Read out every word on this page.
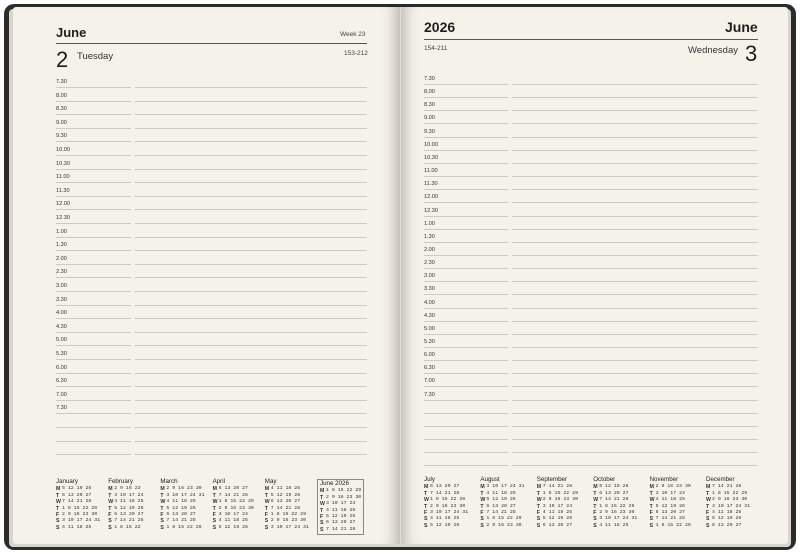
June	Week 23
2 Tuesday	153-212
7.30
8.00
8.30
9.00
9.30
10.00
10.30
11.00
11.30
12.00
12.30
1.00
1.30
2.00
2.30
3.00
3.30
4.00
4.30
5.00
5.30
6.00
6.30
7.00
7.30
January
M 5 12 19 26
T 6 13 20 27
W 7 14 21 28
T 1 8 15 22 29
F 2 9 16 23 30
S 3 10 17 24 31
S 4 11 18 25
February
M 2 9 16 23
T 3 10 17 24
W 4 11 18 25
T 5 12 19 26
F 6 13 20 27
S 7 14 21 28
S 1 8 15 22
March
M 2 9 16 23 30
T 3 10 17 24 31
W 4 11 18 25
T 5 12 19 26
F 6 13 20 27
S 7 14 21 28
S 1 8 15 22 29
April
M 6 13 20 27
T 7 14 21 28
W 1 8 15 22 29
T 2 9 16 23 30
F 3 10 17 24
S 4 11 18 25
S 5 12 19 26
May
M 4 11 18 25
T 5 12 19 26
W 6 13 20 27
T 7 14 21 28
F 1 8 15 22 29
S 2 9 16 23 30
S 3 10 17 24 31
June 2026
M 1 8 15 22 29
T 2 9 16 23 30
W 3 10 17 24
T 4 11 18 25
F 5 12 19 26
S 6 13 20 27
S 7 14 21 28
2026	June
154-211	Wednesday 3
7.30
8.00
8.30
9.00
9.30
10.00
10.30
11.00
11.30
12.00
12.30
1.00
1.30
2.00
2.30
3.00
3.30
4.00
4.30
5.00
5.30
6.00
6.30
7.00
7.30
July
M 6 13 20 27
T 7 14 21 28
W 1 8 15 22 29
T 2 9 16 23 30
F 3 10 17 24 31
S 4 11 18 25
S 5 12 19 26
August
M 3 10 17 24 31
T 4 11 18 25
W 5 12 19 26
T 6 13 20 27
F 7 14 21 28
S 1 8 15 22 29
S 2 9 16 23 30
September
M 7 14 21 28
T 1 8 15 22 29
W 2 9 16 23 30
T 3 10 17 24
F 4 11 18 25
S 5 12 19 26
S 6 13 20 27
October
M 5 12 19 26
T 6 13 20 27
W 7 14 21 28
T 1 8 15 22 29
F 2 9 16 23 30
S 3 10 17 24 31
S 4 11 18 25
November
M 2 9 16 23 30
T 3 10 17 24
W 4 11 18 25
T 5 12 19 26
F 6 13 20 27
S 7 14 21 28
S 1 8 15 22 29
December
M 7 14 21 28
T 1 8 15 22 29
W 2 9 16 23 30
T 3 10 17 24 31
F 4 11 18 25
S 5 12 19 26
S 6 13 20 27
